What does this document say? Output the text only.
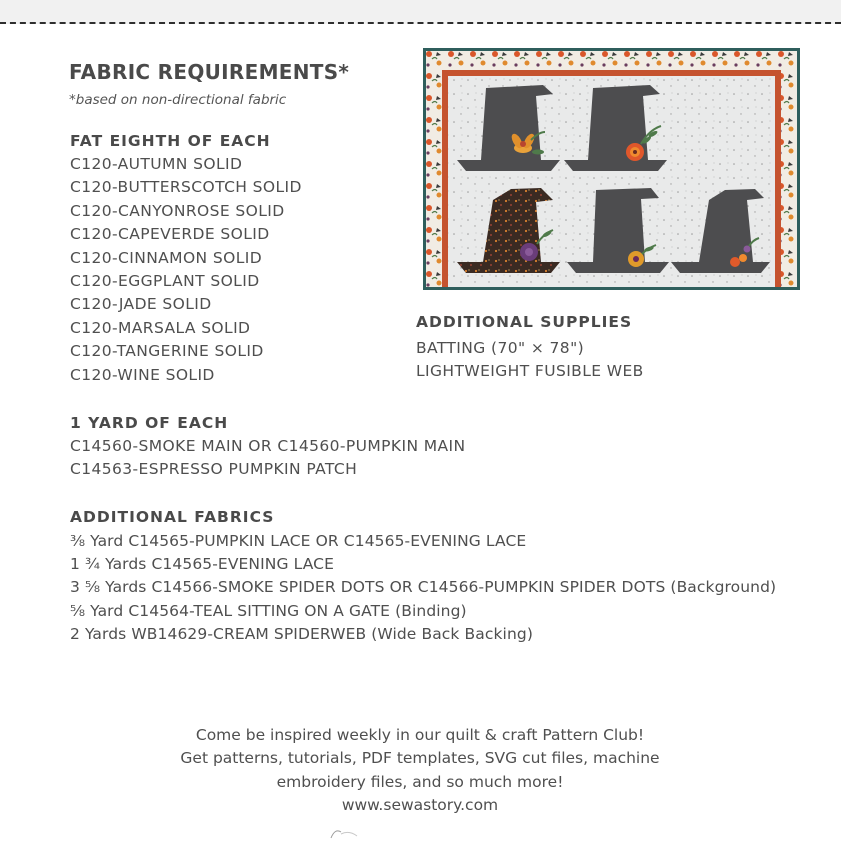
FABRIC REQUIREMENTS*
*based on non-directional fabric
FAT EIGHTH OF EACH
C120-AUTUMN SOLID
C120-BUTTERSCOTCH SOLID
C120-CANYONROSE SOLID
C120-CAPEVERDE SOLID
C120-CINNAMON SOLID
C120-EGGPLANT SOLID
C120-JADE SOLID
C120-MARSALA SOLID
C120-TANGERINE SOLID
C120-WINE SOLID
1 YARD OF EACH
C14560-SMOKE MAIN OR C14560-PUMPKIN MAIN
C14563-ESPRESSO PUMPKIN PATCH
ADDITIONAL FABRICS
⅜ Yard C14565-PUMPKIN LACE OR C14565-EVENING LACE
1 ¾ Yards C14565-EVENING LACE
3 ⅝ Yards C14566-SMOKE SPIDER DOTS OR C14566-PUMPKIN SPIDER DOTS (Background)
⅝ Yard C14564-TEAL SITTING ON A GATE (Binding)
2 Yards WB14629-CREAM SPIDERWEB (Wide Back Backing)
ADDITIONAL SUPPLIES
BATTING (70" × 78")
LIGHTWEIGHT FUSIBLE WEB
Come be inspired weekly in our quilt & craft Pattern Club!
Get patterns, tutorials, PDF templates, SVG cut files, machine
embroidery files, and so much more!
www.sewastory.com
